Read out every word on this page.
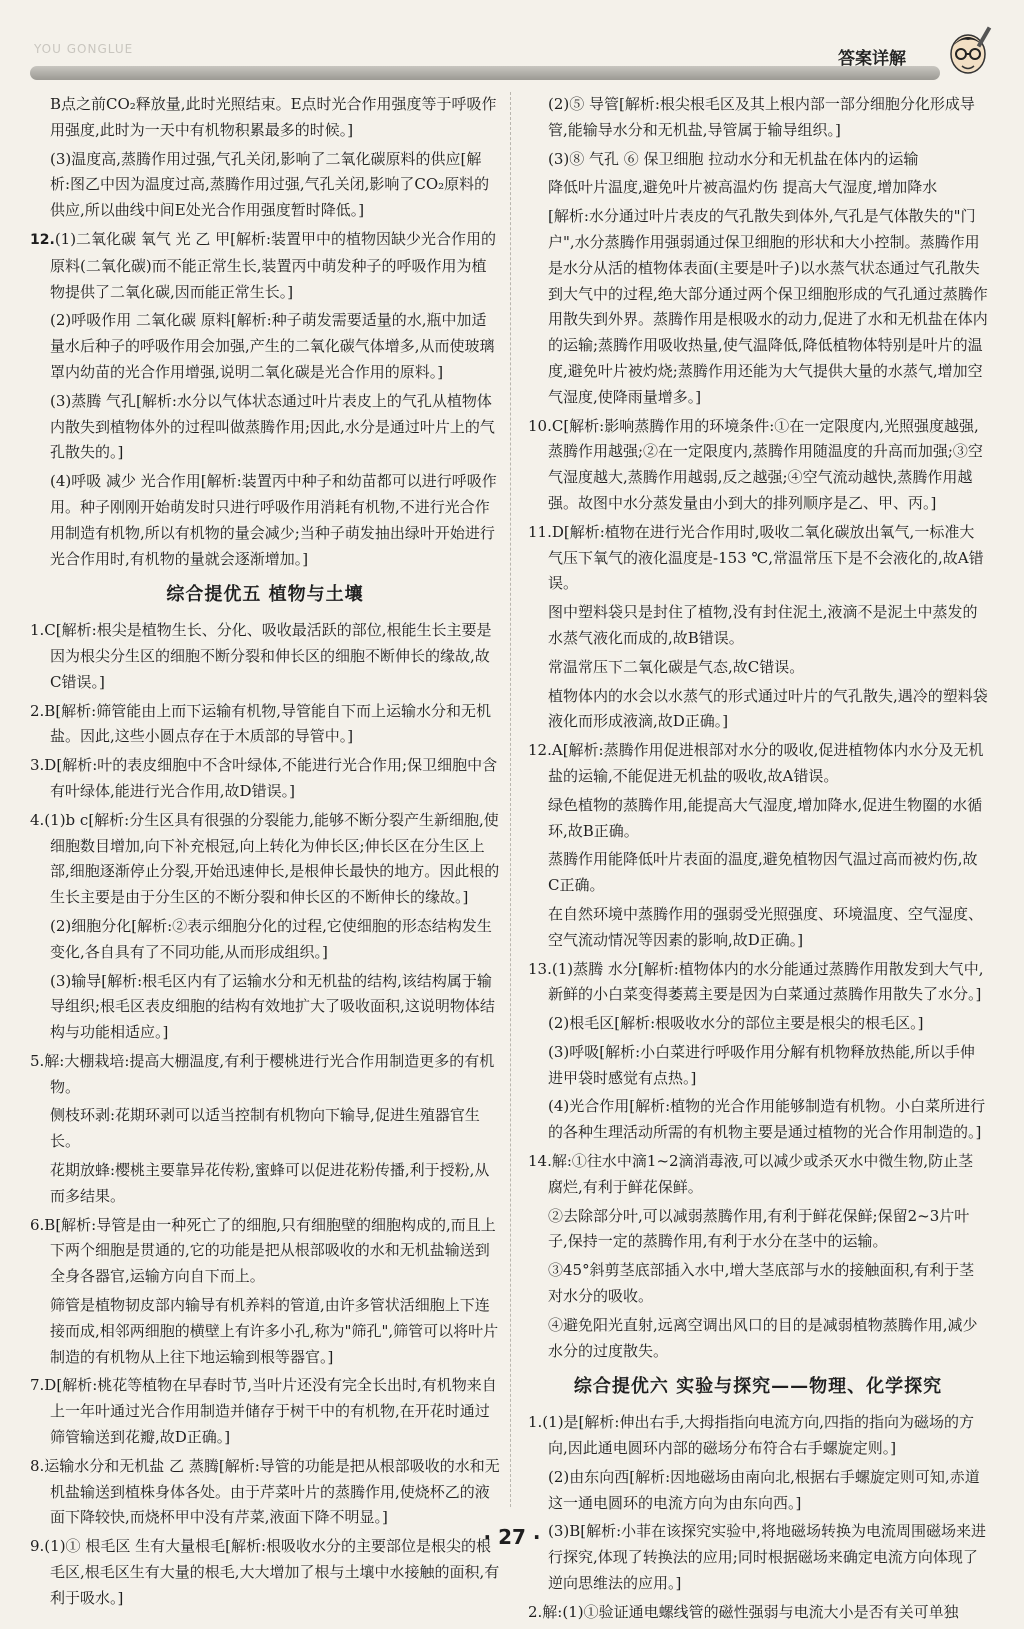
YOU GONGLUE	答案详解
B点之前CO₂释放量,此时光照结束。E点时光合作用强度等于呼吸作用强度,此时为一天中有机物积累最多的时候。]
(3)温度高,蒸腾作用过强,气孔关闭,影响了二氧化碳原料的供应[解析:图乙中因为温度过高,蒸腾作用过强,气孔关闭,影响了CO₂原料的供应,所以曲线中间E处光合作用强度暂时降低。]
12.(1)二氧化碳 氧气 光 乙 甲[解析:装置甲中的植物因缺少光合作用的原料(二氧化碳)而不能正常生长,装置丙中萌发种子的呼吸作用为植物提供了二氧化碳,因而能正常生长。]
(2)呼吸作用 二氧化碳 原料[解析:种子萌发需要适量的水,瓶中加适量水后种子的呼吸作用会加强,产生的二氧化碳气体增多,从而使玻璃罩内幼苗的光合作用增强,说明二氧化碳是光合作用的原料。]
(3)蒸腾 气孔[解析:水分以气体状态通过叶片表皮上的气孔从植物体内散失到植物体外的过程叫做蒸腾作用;因此,水分是通过叶片上的气孔散失的。]
(4)呼吸 减少 光合作用[解析:装置丙中种子和幼苗都可以进行呼吸作用。种子刚刚开始萌发时只进行呼吸作用消耗有机物,不进行光合作用制造有机物,所以有机物的量会减少;当种子萌发抽出绿叶开始进行光合作用时,有机物的量就会逐渐增加。]
综合提优五 植物与土壤
1.C[解析:根尖是植物生长、分化、吸收最活跃的部位,根能生长主要是因为根尖分生区的细胞不断分裂和伸长区的细胞不断伸长的缘故,故C错误。]
2.B[解析:筛管能由上而下运输有机物,导管能自下而上运输水分和无机盐。因此,这些小圆点存在于木质部的导管中。]
3.D[解析:叶的表皮细胞中不含叶绿体,不能进行光合作用;保卫细胞中含有叶绿体,能进行光合作用,故D错误。]
4.(1)b c[解析:分生区具有很强的分裂能力,能够不断分裂产生新细胞,使细胞数目增加,向下补充根冠,向上转化为伸长区;伸长区在分生区上部,细胞逐渐停止分裂,开始迅速伸长,是根伸长最快的地方。因此根的生长主要是由于分生区的不断分裂和伸长区的不断伸长的缘故。]
(2)细胞分化[解析:②表示细胞分化的过程,它使细胞的形态结构发生变化,各自具有了不同功能,从而形成组织。]
(3)输导[解析:根毛区内有了运输水分和无机盐的结构,该结构属于输导组织;根毛区表皮细胞的结构有效地扩大了吸收面积,这说明物体结构与功能相适应。]
5.解:大棚栽培:提高大棚温度,有利于樱桃进行光合作用制造更多的有机物。
侧枝环剥:花期环剥可以适当控制有机物向下输导,促进生殖器官生长。
花期放蜂:樱桃主要靠异花传粉,蜜蜂可以促进花粉传播,利于授粉,从而多结果。
6.B[解析:导管是由一种死亡了的细胞,只有细胞壁的细胞构成的,而且上下两个细胞是贯通的,它的功能是把从根部吸收的水和无机盐输送到全身各器官,运输方向自下而上。
筛管是植物韧皮部内输导有机养料的管道,由许多管状活细胞上下连接而成,相邻两细胞的横壁上有许多小孔,称为"筛孔",筛管可以将叶片制造的有机物从上往下地运输到根等器官。]
7.D[解析:桃花等植物在早春时节,当叶片还没有完全长出时,有机物来自上一年叶通过光合作用制造并储存于树干中的有机物,在开花时通过筛管输送到花瓣,故D正确。]
8.运输水分和无机盐 乙 蒸腾[解析:导管的功能是把从根部吸收的水和无机盐输送到植株身体各处。由于芹菜叶片的蒸腾作用,使烧杯乙的液面下降较快,而烧杯甲中没有芹菜,液面下降不明显。]
9.(1)① 根毛区 生有大量根毛[解析:根吸收水分的主要部位是根尖的根毛区,根毛区生有大量的根毛,大大增加了根与土壤中水接触的面积,有利于吸水。]
(2)⑤ 导管[解析:根尖根毛区及其上根内部一部分细胞分化形成导管,能输导水分和无机盐,导管属于输导组织。]
(3)⑧ 气孔 ⑥ 保卫细胞 拉动水分和无机盐在体内的运输
降低叶片温度,避免叶片被高温灼伤 提高大气湿度,增加降水
[解析:水分通过叶片表皮的气孔散失到体外,气孔是气体散失的"门户",水分蒸腾作用强弱通过保卫细胞的形状和大小控制。蒸腾作用是水分从活的植物体表面(主要是叶子)以水蒸气状态通过气孔散失到大气中的过程,绝大部分通过两个保卫细胞形成的气孔通过蒸腾作用散失到外界。蒸腾作用是根吸水的动力,促进了水和无机盐在体内的运输;蒸腾作用吸收热量,使气温降低,降低植物体特别是叶片的温度,避免叶片被灼烧;蒸腾作用还能为大气提供大量的水蒸气,增加空气湿度,使降雨量增多。]
10.C[解析:影响蒸腾作用的环境条件:①在一定限度内,光照强度越强,蒸腾作用越强;②在一定限度内,蒸腾作用随温度的升高而加强;③空气湿度越大,蒸腾作用越弱,反之越强;④空气流动越快,蒸腾作用越强。故图中水分蒸发量由小到大的排列顺序是乙、甲、丙。]
11.D[解析:植物在进行光合作用时,吸收二氧化碳放出氧气,一标准大气压下氧气的液化温度是-153 ℃,常温常压下是不会液化的,故A错误。
图中塑料袋只是封住了植物,没有封住泥土,液滴不是泥土中蒸发的水蒸气液化而成的,故B错误。
常温常压下二氧化碳是气态,故C错误。
植物体内的水会以水蒸气的形式通过叶片的气孔散失,遇冷的塑料袋液化而形成液滴,故D正确。]
12.A[解析:蒸腾作用促进根部对水分的吸收,促进植物体内水分及无机盐的运输,不能促进无机盐的吸收,故A错误。
绿色植物的蒸腾作用,能提高大气湿度,增加降水,促进生物圈的水循环,故B正确。
蒸腾作用能降低叶片表面的温度,避免植物因气温过高而被灼伤,故C正确。
在自然环境中蒸腾作用的强弱受光照强度、环境温度、空气湿度、空气流动情况等因素的影响,故D正确。]
13.(1)蒸腾 水分[解析:植物体内的水分能通过蒸腾作用散发到大气中,新鲜的小白菜变得萎蔫主要是因为白菜通过蒸腾作用散失了水分。]
(2)根毛区[解析:根吸收水分的部位主要是根尖的根毛区。]
(3)呼吸[解析:小白菜进行呼吸作用分解有机物释放热能,所以手伸进甲袋时感觉有点热。]
(4)光合作用[解析:植物的光合作用能够制造有机物。小白菜所进行的各种生理活动所需的有机物主要是通过植物的光合作用制造的。]
14.解:①往水中滴1~2滴消毒液,可以减少或杀灭水中微生物,防止茎腐烂,有利于鲜花保鲜。
②去除部分叶,可以减弱蒸腾作用,有利于鲜花保鲜;保留2~3片叶子,保持一定的蒸腾作用,有利于水分在茎中的运输。
③45°斜剪茎底部插入水中,增大茎底部与水的接触面积,有利于茎对水分的吸收。
④避免阳光直射,远离空调出风口的目的是减弱植物蒸腾作用,减少水分的过度散失。
综合提优六 实验与探究——物理、化学探究
1.(1)是[解析:伸出右手,大拇指指向电流方向,四指的指向为磁场的方向,因此通电圆环内部的磁场分布符合右手螺旋定则。]
(2)由东向西[解析:因地磁场由南向北,根据右手螺旋定则可知,赤道这一通电圆环的电流方向为由东向西。]
(3)B[解析:小菲在该探究实验中,将地磁场转换为电流周围磁场来进行探究,体现了转换法的应用;同时根据磁场来确定电流方向体现了逆向思维法的应用。]
2.解:(1)①验证通电螺线管的磁性强弱与电流大小是否有关可单独
· 27 ·
